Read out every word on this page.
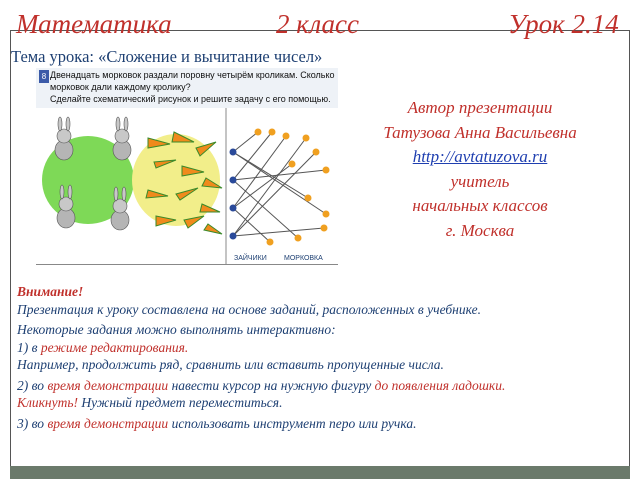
Математика	2 класс	Урок 2.14
Тема урока: «Сложение и вычитание чисел»
8 Двенадцать морковок раздали поровну четырём кроликам. Сколько
морковок дали каждому кролику?
Сделайте схематический рисунок и решите задачу с его помощью.
ЗАЙЧИКИ МОРКОВКА
Автор презентации
Татузова Анна Васильевна
http://avtatuzova.ru
учитель
начальных классов
г. Москва
Внимание!
Презентация к уроку составлена на основе заданий, расположенных в учебнике.
Некоторые задания можно выполнять интерактивно:
1) в режиме редактирования.
Например, продолжить ряд, сравнить или вставить пропущенные числа.
2) во время демонстрации навести курсор на нужную фигуру до появления ладошки.
Кликнуть! Нужный предмет переместиться.
3) во время демонстрации использовать инструмент перо или ручка.
